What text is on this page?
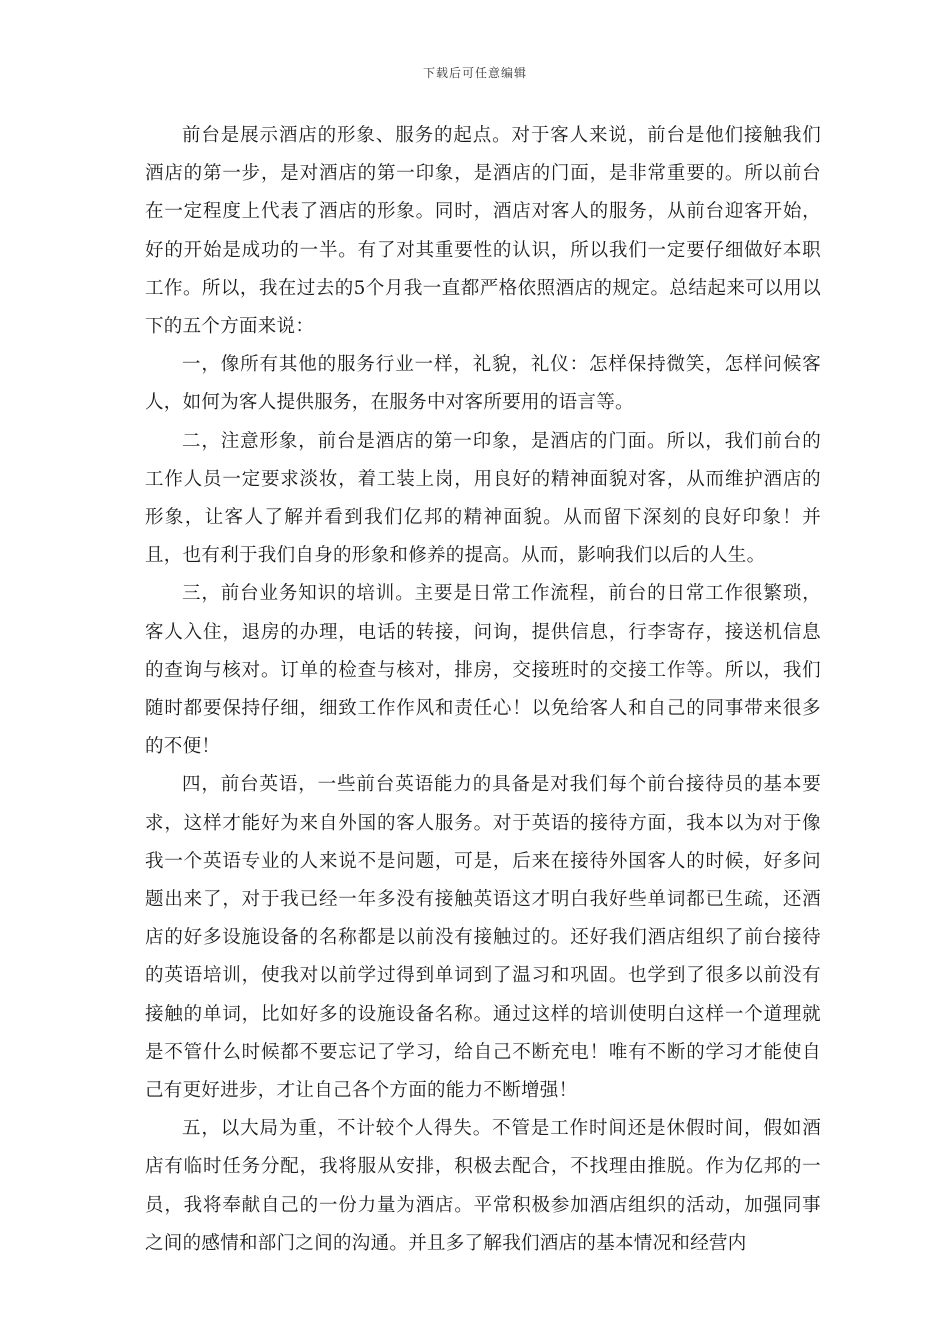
下载后可任意编辑

前台是展示酒店的形象、服务的起点。对于客人来说，前台是他们接触我们酒店的第一步，是对酒店的第一印象，是酒店的门面，是非常重要的。所以前台在一定程度上代表了酒店的形象。同时，酒店对客人的服务，从前台迎客开始，好的开始是成功的一半。有了对其重要性的认识，所以我们一定要仔细做好本职工作。所以，我在过去的5个月我一直都严格依照酒店的规定。总结起来可以用以下的五个方面来说：

一，像所有其他的服务行业一样，礼貌，礼仪：怎样保持微笑，怎样问候客人，如何为客人提供服务，在服务中对客所要用的语言等。

二，注意形象，前台是酒店的第一印象，是酒店的门面。所以，我们前台的工作人员一定要求淡妆，着工装上岗，用良好的精神面貌对客，从而维护酒店的形象，让客人了解并看到我们亿邦的精神面貌。从而留下深刻的良好印象！并且，也有利于我们自身的形象和修养的提高。从而，影响我们以后的人生。

三，前台业务知识的培训。主要是日常工作流程，前台的日常工作很繁琐，客人入住，退房的办理，电话的转接，问询，提供信息，行李寄存，接送机信息的查询与核对。订单的检查与核对，排房，交接班时的交接工作等。所以，我们随时都要保持仔细，细致工作作风和责任心！以免给客人和自己的同事带来很多的不便！

四，前台英语，一些前台英语能力的具备是对我们每个前台接待员的基本要求，这样才能好为来自外国的客人服务。对于英语的接待方面，我本以为对于像我一个英语专业的人来说不是问题，可是，后来在接待外国客人的时候，好多问题出来了，对于我已经一年多没有接触英语这才明白我好些单词都已生疏，还酒店的好多设施设备的名称都是以前没有接触过的。还好我们酒店组织了前台接待的英语培训，使我对以前学过得到单词到了温习和巩固。也学到了很多以前没有接触的单词，比如好多的设施设备名称。通过这样的培训使明白这样一个道理就是不管什么时候都不要忘记了学习，给自己不断充电！唯有不断的学习才能使自己有更好进步，才让自己各个方面的能力不断增强！

五，以大局为重，不计较个人得失。不管是工作时间还是休假时间，假如酒店有临时任务分配，我将服从安排，积极去配合，不找理由推脱。作为亿邦的一员，我将奉献自己的一份力量为酒店。平常积极参加酒店组织的活动，加强同事之间的感情和部门之间的沟通。并且多了解我们酒店的基本情况和经营内
